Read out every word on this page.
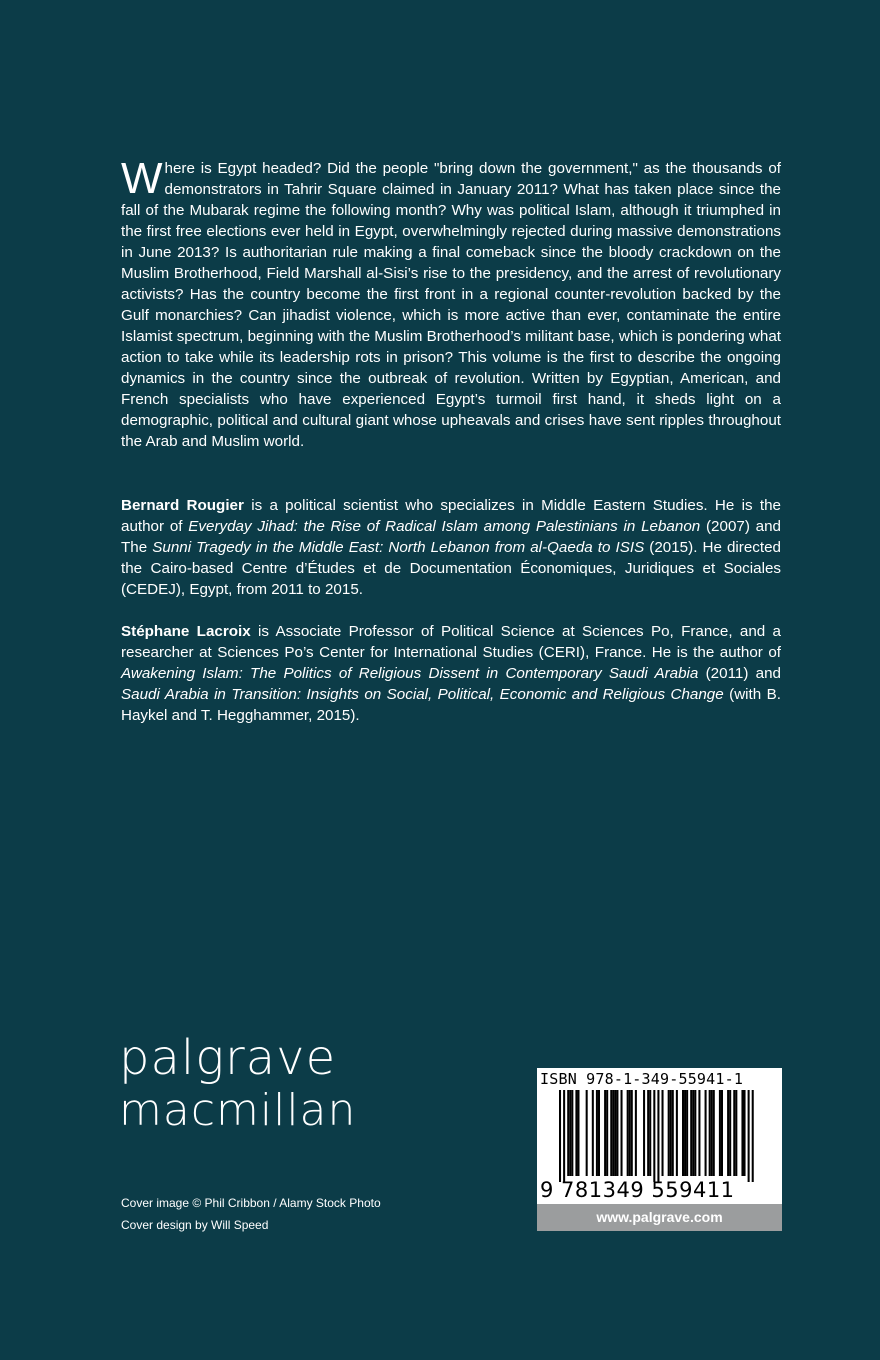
Where is Egypt headed? Did the people "bring down the government," as the thousands of demonstrators in Tahrir Square claimed in January 2011? What has taken place since the fall of the Mubarak regime the following month? Why was political Islam, although it triumphed in the first free elections ever held in Egypt, overwhelmingly rejected during massive demonstrations in June 2013? Is authoritarian rule making a final comeback since the bloody crackdown on the Muslim Brotherhood, Field Marshall al-Sisi’s rise to the presidency, and the arrest of revolutionary activists? Has the country become the first front in a regional counter-revolution backed by the Gulf monarchies? Can jihadist violence, which is more active than ever, contaminate the entire Islamist spectrum, beginning with the Muslim Brotherhood’s militant base, which is pondering what action to take while its leadership rots in prison? This volume is the first to describe the ongoing dynamics in the country since the outbreak of revolution. Written by Egyptian, American, and French specialists who have experienced Egypt’s turmoil first hand, it sheds light on a demographic, political and cultural giant whose upheavals and crises have sent ripples throughout the Arab and Muslim world.

Bernard Rougier is a political scientist who specializes in Middle Eastern Studies. He is the author of Everyday Jihad: the Rise of Radical Islam among Palestinians in Lebanon (2007) and The Sunni Tragedy in the Middle East: North Lebanon from al-Qaeda to ISIS (2015). He directed the Cairo-based Centre d’Études et de Documentation Économiques, Juridiques et Sociales (CEDEJ), Egypt, from 2011 to 2015.

Stéphane Lacroix is Associate Professor of Political Science at Sciences Po, France, and a researcher at Sciences Po’s Center for International Studies (CERI), France. He is the author of Awakening Islam: The Politics of Religious Dissent in Contemporary Saudi Arabia (2011) and Saudi Arabia in Transition: Insights on Social, Political, Economic and Religious Change (with B. Haykel and T. Hegghammer, 2015).

palgrave
macmillan
Cover image © Phil Cribbon / Alamy Stock Photo
Cover design by Will Speed
ISBN 978-1-349-55941-1
9 781349 559411
www.palgrave.com
